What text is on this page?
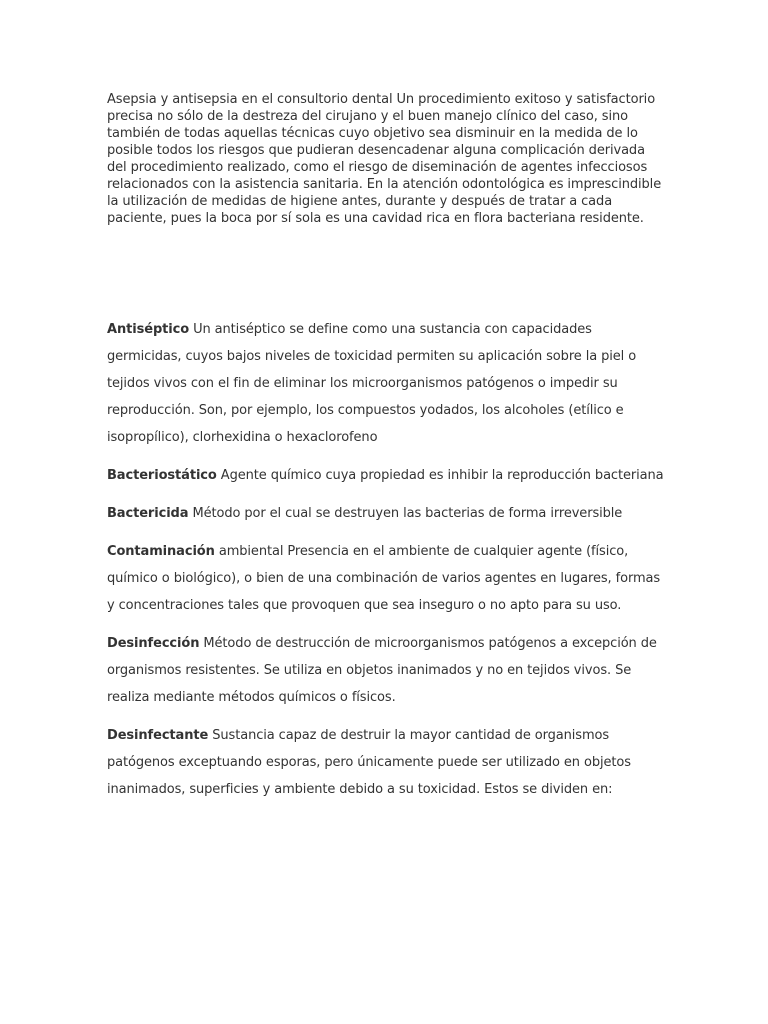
Asepsia y antisepsia en el consultorio dental Un procedimiento exitoso y satisfactorio precisa no sólo de la destreza del cirujano y el buen manejo clínico del caso, sino también de todas aquellas técnicas cuyo objetivo sea disminuir en la medida de lo posible todos los riesgos que pudieran desencadenar alguna complicación derivada del procedimiento realizado, como el riesgo de diseminación de agentes infecciosos relacionados con la asistencia sanitaria. En la atención odontológica es imprescindible la utilización de medidas de higiene antes, durante y después de tratar a cada paciente, pues la boca por sí sola es una cavidad rica en flora bacteriana residente.

Antiséptico Un antiséptico se define como una sustancia con capacidades germicidas, cuyos bajos niveles de toxicidad permiten su aplicación sobre la piel o tejidos vivos con el fin de eliminar los microorganismos patógenos o impedir su reproducción. Son, por ejemplo, los compuestos yodados, los alcoholes (etílico e isopropílico), clorhexidina o hexaclorofeno

Bacteriostático Agente químico cuya propiedad es inhibir la reproducción bacteriana

Bactericida Método por el cual se destruyen las bacterias de forma irreversible

Contaminación ambiental Presencia en el ambiente de cualquier agente (físico, químico o biológico), o bien de una combinación de varios agentes en lugares, formas y concentraciones tales que provoquen que sea inseguro o no apto para su uso.

Desinfección Método de destrucción de microorganismos patógenos a excepción de organismos resistentes. Se utiliza en objetos inanimados y no en tejidos vivos. Se realiza mediante métodos químicos o físicos.

Desinfectante Sustancia capaz de destruir la mayor cantidad de organismos patógenos exceptuando esporas, pero únicamente puede ser utilizado en objetos inanimados, superficies y ambiente debido a su toxicidad. Estos se dividen en:
